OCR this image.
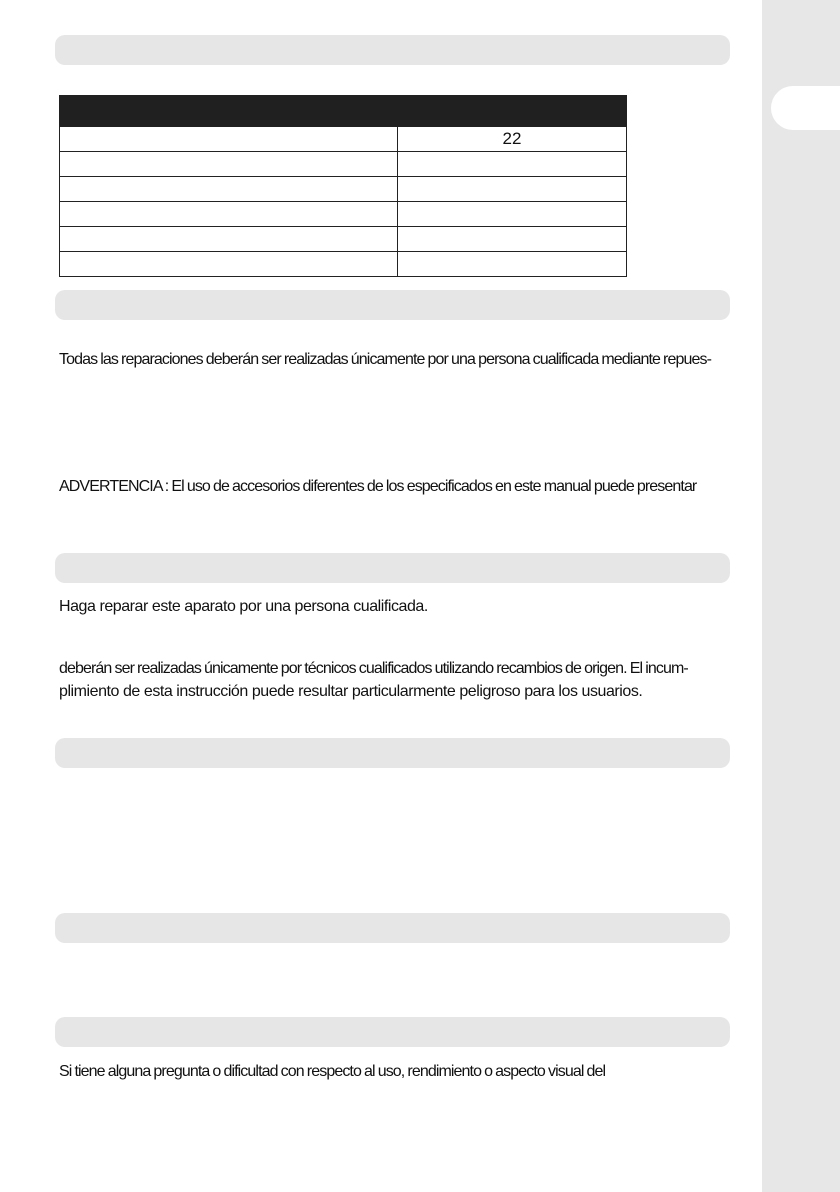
	22

Todas las reparaciones deberán ser realizadas únicamente por una persona cualificada mediante repues-

ADVERTENCIA : El uso de accesorios diferentes de los especificados en este manual puede presentar

Haga reparar este aparato por una persona cualificada.

deberán ser realizadas únicamente por técnicos cualificados utilizando recambios de origen. El incum-

plimiento de esta instrucción puede resultar particularmente peligroso para los usuarios.

Si tiene alguna pregunta o dificultad con respecto al uso, rendimiento o aspecto visual del
